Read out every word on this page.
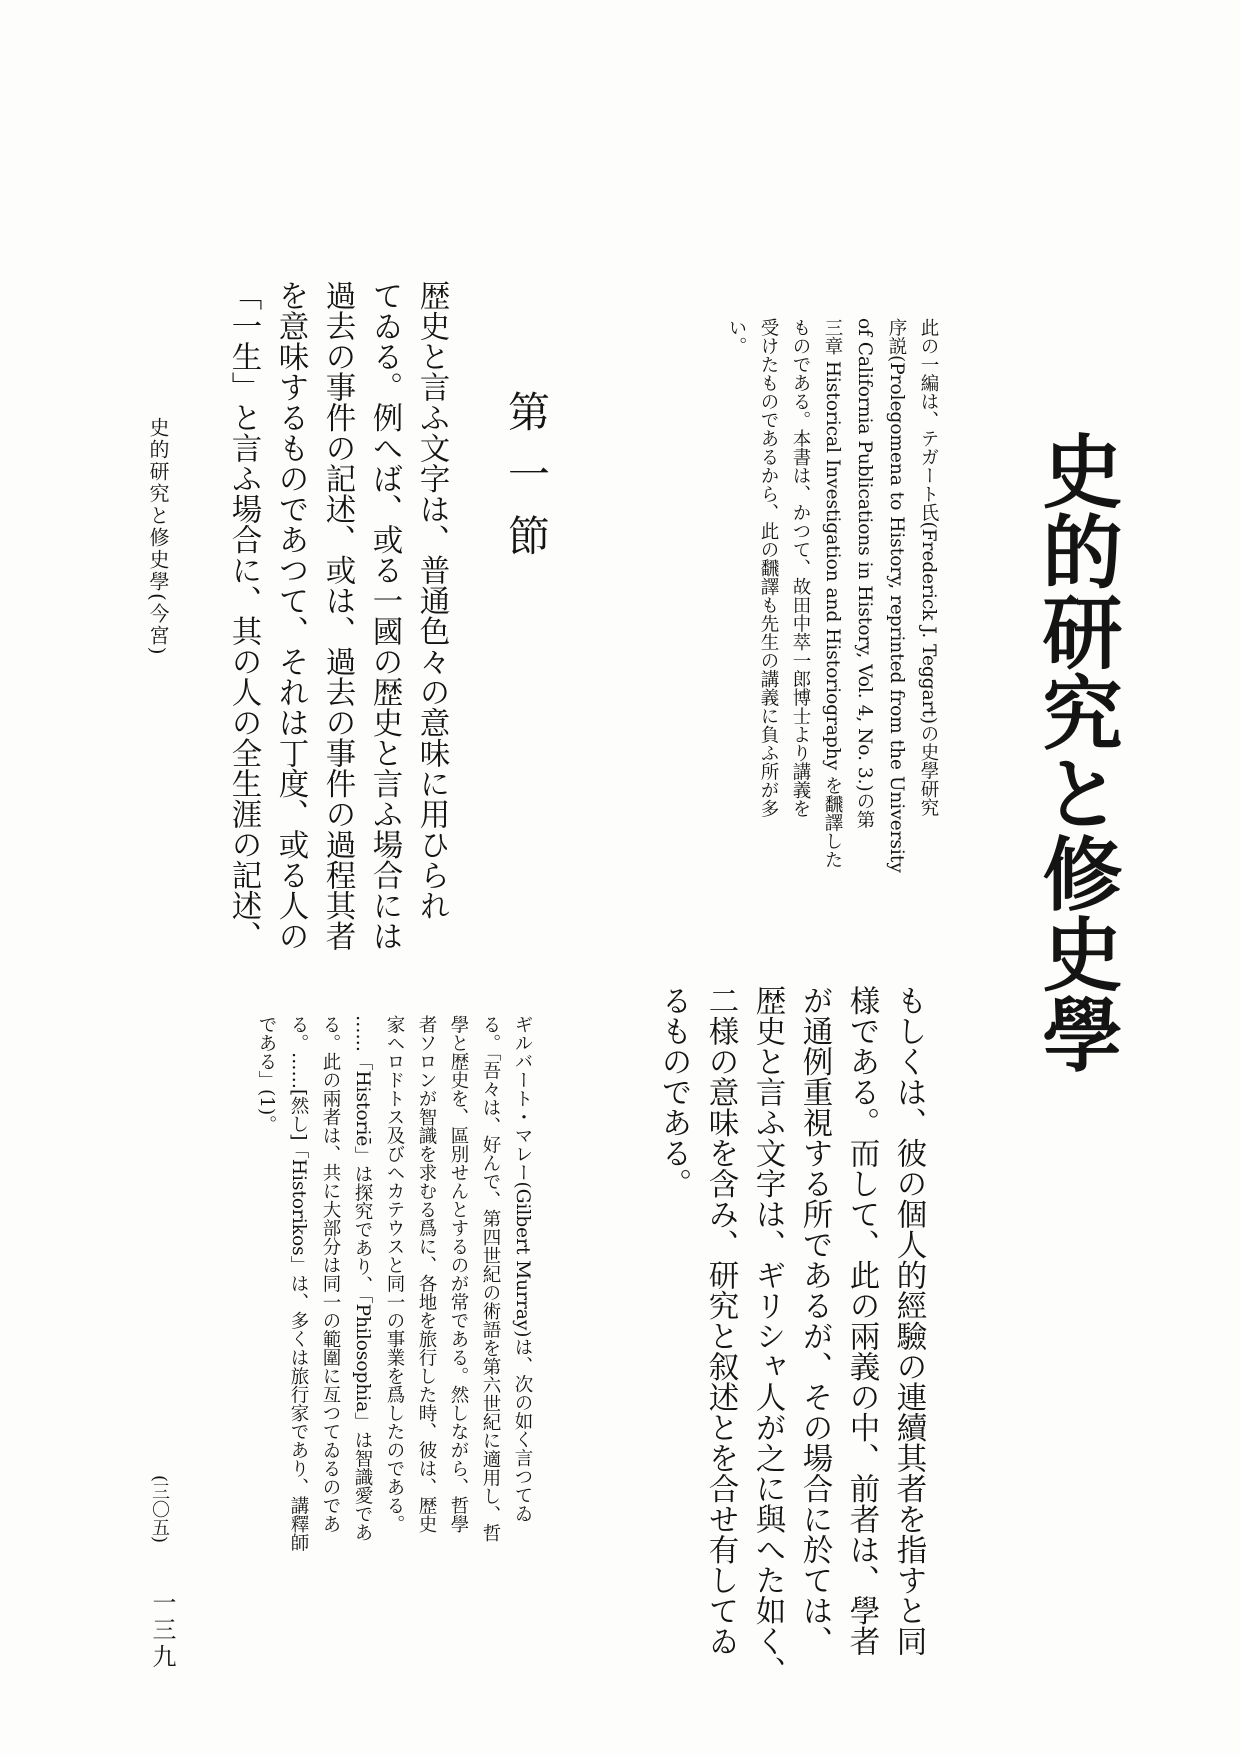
史的研究と修史學
此の一編は、テガート氏(Frederick J. Teggart)の史學研究
序説(Prolegomena to History, reprinted from the University
of California Publications in History, Vol. 4, No. 3.)の第
三章 Historical Investigation and Historiography を飜譯した
ものである。本書は、かつて、故田中萃一郎博士より講義を
受けたものであるから、此の飜譯も先生の講義に負ふ所が多
い。
第一節
歴史と言ふ文字は、普通色々の意味に用ひられ
てゐる。例へば、或る一國の歴史と言ふ場合には
過去の事件の記述、或は、過去の事件の過程其者
を意味するものであつて、それは丁度、或る人の
「一生」と言ふ場合に、其の人の全生涯の記述、
もしくは、彼の個人的經驗の連續其者を指すと同
様である。而して、此の兩義の中、前者は、學者
が通例重視する所であるが、その場合に於ては、
歴史と言ふ文字は、ギリシャ人が之に與へた如く、
二様の意味を含み、研究と叙述とを合せ有してゐ
るものである。
ギルバート・マレー(Gilbert Murray)は、次の如く言つてゐ
る。「吾々は、好んで、第四世紀の術語を第六世紀に適用し、哲
學と歴史を、區別せんとするのが常である。然しながら、哲學
者ソロンが智識を求むる爲に、各地を旅行した時、彼は、歴史
家ヘロドトス及びヘカテウスと同一の事業を爲したのである。
……「Historiē」は探究であり、「Philosophia」は智識愛であ
る。此の兩者は、共に大部分は同一の範圍に亙つてゐるのであ
る。……[然し]「Historikos」は、多くは旅行家であり、講釋師
である」(1)。
史的研究と修史學(今宮)
(三〇五)
一三九
